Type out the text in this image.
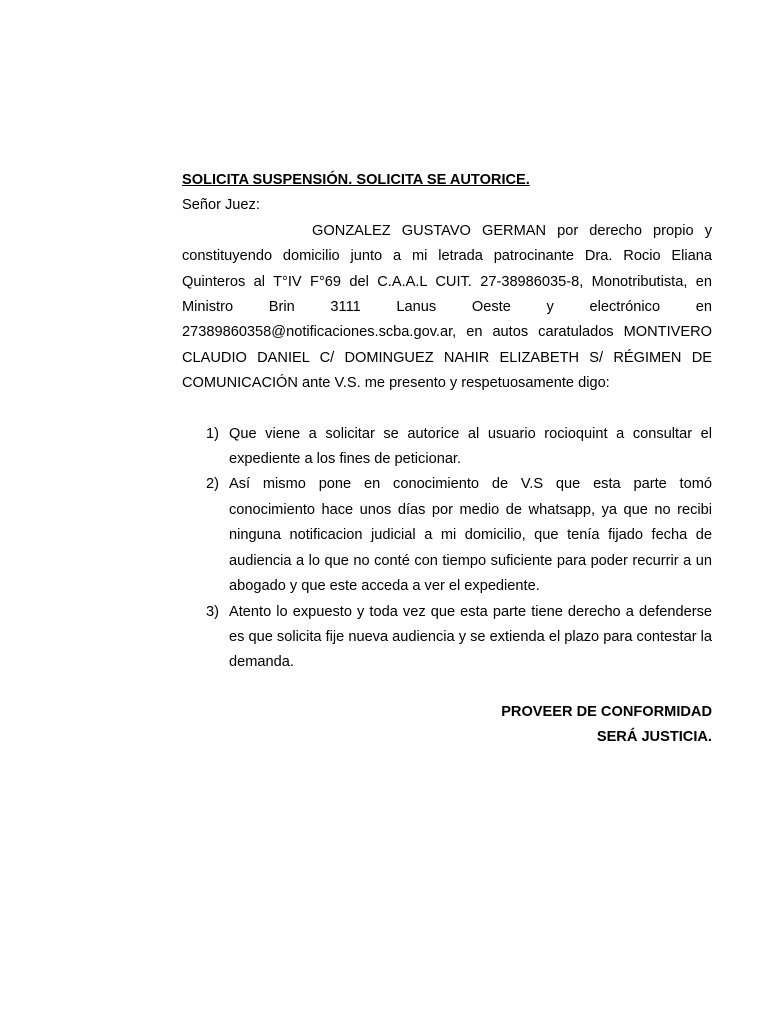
SOLICITA SUSPENSIÓN. SOLICITA SE AUTORICE.

Señor Juez:

GONZALEZ GUSTAVO GERMAN por derecho propio y constituyendo domicilio junto a mi letrada patrocinante Dra. Rocio Eliana Quinteros al T°IV F°69 del C.A.A.L CUIT. 27-38986035-8, Monotributista, en Ministro Brin 3111 Lanus Oeste y electrónico en 27389860358@notificaciones.scba.gov.ar, en autos caratulados MONTIVERO CLAUDIO DANIEL C/ DOMINGUEZ NAHIR ELIZABETH S/ RÉGIMEN DE COMUNICACIÓN ante V.S. me presento y respetuosamente digo:

1) Que viene a solicitar se autorice al usuario rocioquint a consultar el expediente a los fines de peticionar.
2) Así mismo pone en conocimiento de V.S que esta parte tomó conocimiento hace unos días por medio de whatsapp, ya que no recibi ninguna notificacion judicial a mi domicilio, que tenía fijado fecha de audiencia a lo que no conté con tiempo suficiente para poder recurrir a un abogado y que este acceda a ver el expediente.
3) Atento lo expuesto y toda vez que esta parte tiene derecho a defenderse es que solicita fije nueva audiencia y se extienda el plazo para contestar la demanda.
PROVEER DE CONFORMIDAD
SERÁ JUSTICIA.
